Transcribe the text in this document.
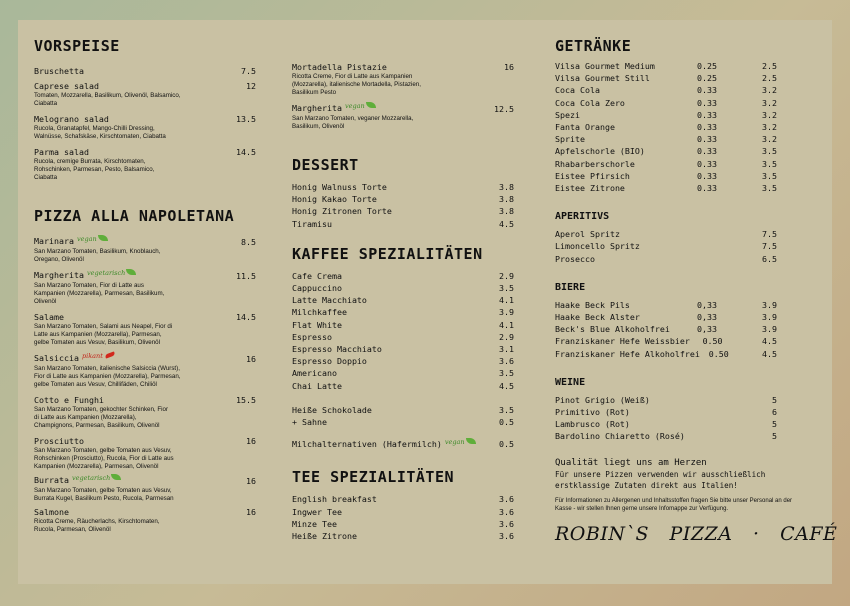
VORSPEISE
Bruschetta	7.5
Caprese salad	12
Tomaten, Mozzarella, Basilikum, Olivenöl, Balsamico, Ciabatta
Melograno salad	13.5
Rucola, Granatapfel, Mango-Chilli Dressing, Walnüsse, Schafskäse, Kirschtomaten, Ciabatta
Parma salad	14.5
Rucola, cremige Burrata, Kirschtomaten, Rohschinken, Parmesan, Pesto, Balsamico, Ciabatta
PIZZA ALLA NAPOLETANA
Marinara vegan	8.5
San Marzano Tomaten, Basilikum, Knoblauch, Oregano, Olivenöl
Margherita vegetarisch	11.5
San Marzano Tomaten, Fior di Latte aus Kampanien (Mozzarella), Parmesan, Basilikum, Olivenöl
Salame	14.5
San Marzano Tomaten, Salami aus Neapel, Fior di Latte aus Kampanien (Mozzarella), Parmesan, gelbe Tomaten aus Vesuv, Basilikum, Olivenöl
Salsiccia pikant	16
San Marzano Tomaten, italienische Salsiccia (Wurst), Fior di Latte aus Kampanien (Mozzarella), Parmesan, gelbe Tomaten aus Vesuv, Chillifäden, Chiliöl
Cotto e Funghi	15.5
San Marzano Tomaten, gekochter Schinken, Fior di Latte aus Kampanien (Mozzarella), Champignons, Parmesan, Basilikum, Olivenöl
Prosciutto	16
San Marzano Tomaten, gelbe Tomaten aus Vesuv, Rohschinken (Prosciutto), Rucola, Fior di Latte aus Kampanien (Mozzarella), Parmesan, Olivenöl
Burrata vegetarisch	16
San Marzano Tomaten, gelbe Tomaten aus Vesuv, Burrata Kugel, Basilikum Pesto, Rucola, Parmesan
Salmone	16
Ricotta Creme, Räucherlachs, Kirschtomaten, Rucola, Parmesan, Olivenöl
Mortadella Pistazie	16
Ricotta Creme, Fior di Latte aus Kampanien (Mozzarella), italienische Mortadella, Pistazien, Basilikum Pesto
Margherita vegan	12.5
San Marzano Tomaten, veganer Mozzarella, Basilikum, Olivenöl
DESSERT
Honig Walnuss Torte	3.8
Honig Kakao Torte	3.8
Honig Zitronen Torte	3.8
Tiramisu	4.5
KAFFEE SPEZIALITÄTEN
Cafe Crema	2.9
Cappuccino	3.5
Latte Macchiato	4.1
Milchkaffee	3.9
Flat White	4.1
Espresso	2.9
Espresso Macchiato	3.1
Espresso Doppio	3.6
Americano	3.5
Chai Latte	4.5
Heiße Schokolade	3.5
+ Sahne	0.5
Milchalternativen (Hafermilch) vegan	0.5
TEE SPEZIALITÄTEN
English breakfast	3.6
Ingwer Tee	3.6
Minze Tee	3.6
Heiße Zitrone	3.6
GETRÄNKE
Vilsa Gourmet Medium	0.25	2.5
Vilsa Gourmet Still	0.25	2.5
Coca Cola	0.33	3.2
Coca Cola Zero	0.33	3.2
Spezi	0.33	3.2
Fanta Orange	0.33	3.2
Sprite	0.33	3.2
Apfelschorle (BIO)	0.33	3.5
Rhabarberschorle	0.33	3.5
Eistee Pfirsich	0.33	3.5
Eistee Zitrone	0.33	3.5
APERITIVS
Aperol Spritz	7.5
Limoncello Spritz	7.5
Prosecco	6.5
BIERE
Haake Beck Pils	0,33	3.9
Haake Beck Alster	0,33	3.9
Beck's Blue Alkoholfrei	0,33	3.9
Franziskaner Hefe Weissbier	0.50	4.5
Franziskaner Hefe Alkoholfrei	0.50	4.5
WEINE
Pinot Grigio (Weiß)	5
Primitivo (Rot)	6
Lambrusco (Rot)	5
Bardolino Chiaretto (Rosé)	5

Qualität liegt uns am Herzen

Für unsere Pizzen verwenden wir ausschließlich
erstklassige Zutaten direkt aus Italien!
Für Informationen zu Allergenen und Inhaltsstoffen fragen Sie bitte unser Personal an der Kasse - wir stellen Ihnen gerne unsere Infomappe zur Verfügung.
ROBIN`S PIZZA · CAFÉ
